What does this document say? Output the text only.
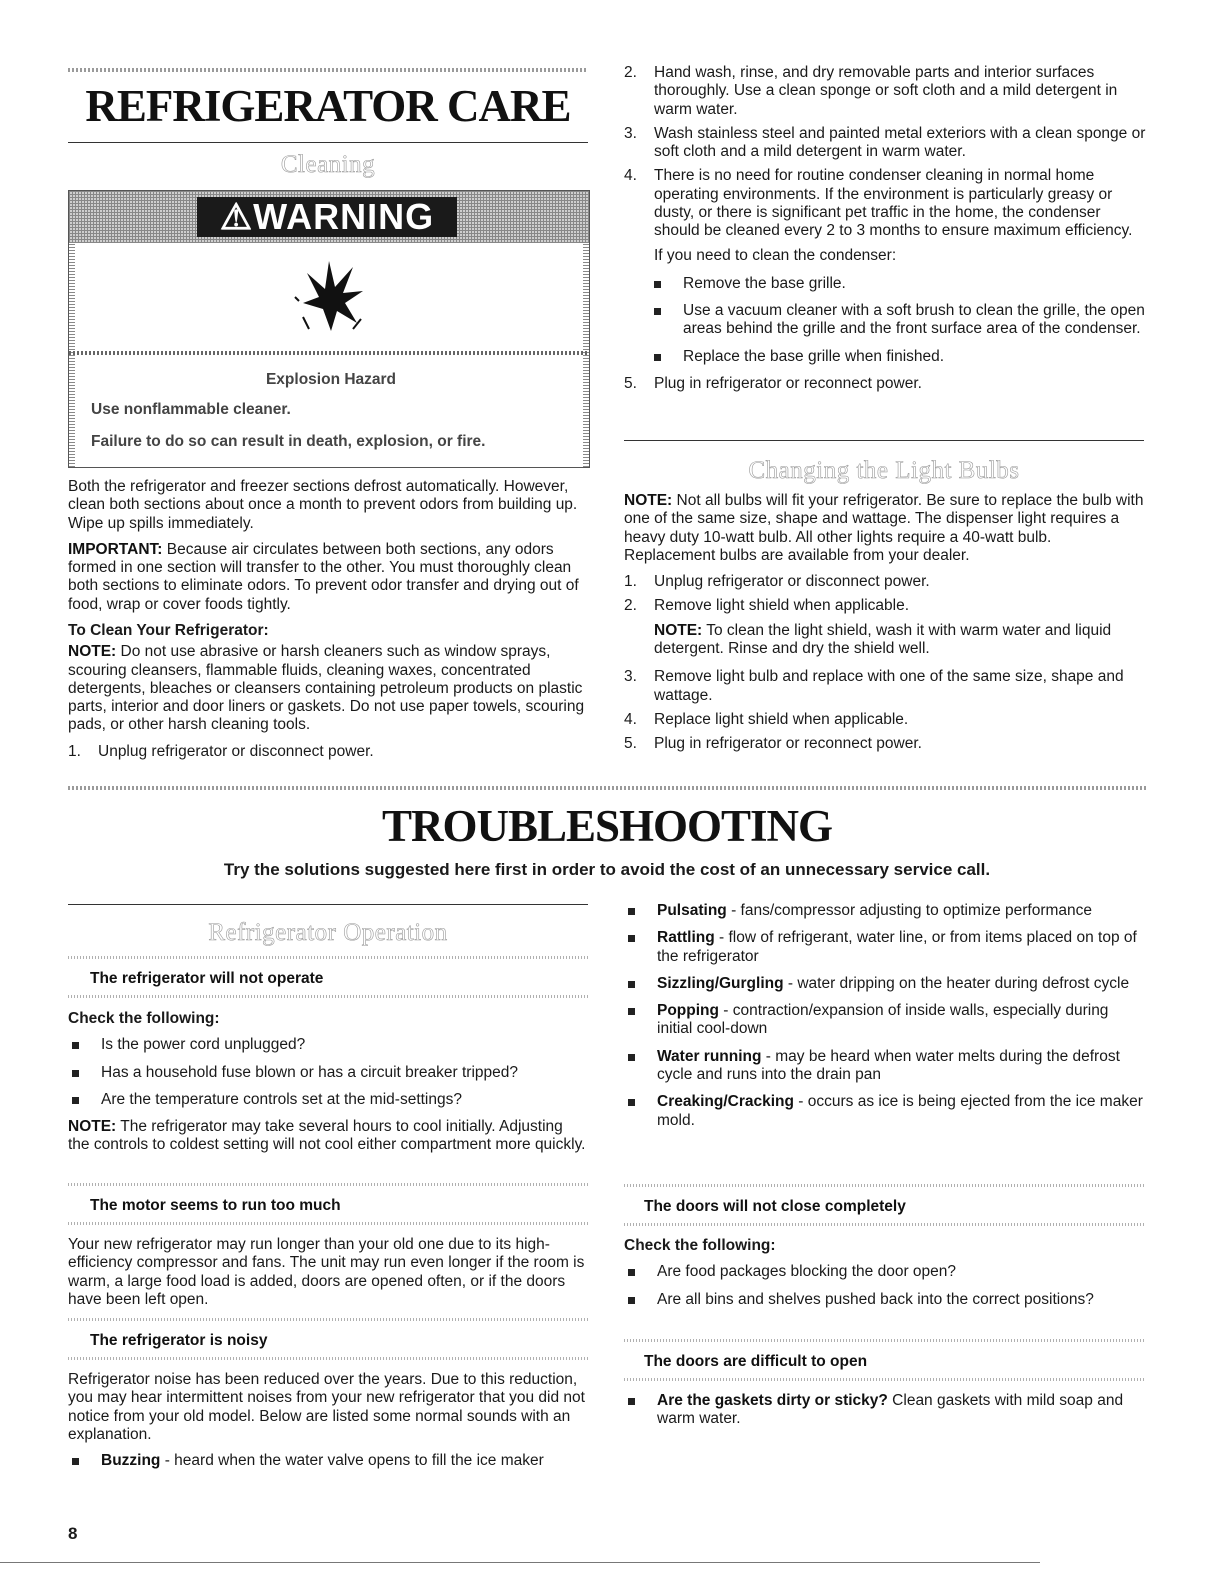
REFRIGERATOR CARE
Cleaning
⚠WARNING
Explosion Hazard
Use nonflammable cleaner.
Failure to do so can result in death, explosion, or fire.

Both the refrigerator and freezer sections defrost automatically. However, clean both sections about once a month to prevent odors from building up. Wipe up spills immediately.

IMPORTANT: Because air circulates between both sections, any odors formed in one section will transfer to the other. You must thoroughly clean both sections to eliminate odors. To prevent odor transfer and drying out of food, wrap or cover foods tightly.

To Clean Your Refrigerator:

NOTE: Do not use abrasive or harsh cleaners such as window sprays, scouring cleansers, flammable fluids, cleaning waxes, concentrated detergents, bleaches or cleansers containing petroleum products on plastic parts, interior and door liners or gaskets. Do not use paper towels, scouring pads, or other harsh cleaning tools.

1.	Unplug refrigerator or disconnect power.
2.	Hand wash, rinse, and dry removable parts and interior surfaces thoroughly. Use a clean sponge or soft cloth and a mild detergent in warm water.
3.	Wash stainless steel and painted metal exteriors with a clean sponge or soft cloth and a mild detergent in warm water.
4.	There is no need for routine condenser cleaning in normal home operating environments. If the environment is particularly greasy or dusty, or there is significant pet traffic in the home, the condenser should be cleaned every 2 to 3 months to ensure maximum efficiency.
If you need to clean the condenser:
Remove the base grille.
Use a vacuum cleaner with a soft brush to clean the grille, the open areas behind the grille and the front surface area of the condenser.
Replace the base grille when finished.
5.	Plug in refrigerator or reconnect power.
Changing the Light Bulbs

NOTE: Not all bulbs will fit your refrigerator. Be sure to replace the bulb with one of the same size, shape and wattage. The dispenser light requires a heavy duty 10-watt bulb. All other lights require a 40-watt bulb. Replacement bulbs are available from your dealer.

1.	Unplug refrigerator or disconnect power.
2.	Remove light shield when applicable.

NOTE: To clean the light shield, wash it with warm water and liquid detergent. Rinse and dry the shield well.

3.	Remove light bulb and replace with one of the same size, shape and wattage.
4.	Replace light shield when applicable.
5.	Plug in refrigerator or reconnect power.
TROUBLESHOOTING
Try the solutions suggested here first in order to avoid the cost of an unnecessary service call.
Refrigerator Operation
The refrigerator will not operate
Check the following:
Is the power cord unplugged?
Has a household fuse blown or has a circuit breaker tripped?
Are the temperature controls set at the mid-settings?

NOTE: The refrigerator may take several hours to cool initially. Adjusting the controls to coldest setting will not cool either compartment more quickly.

The motor seems to run too much
Your new refrigerator may run longer than your old one due to its high-efficiency compressor and fans. The unit may run even longer if the room is warm, a large food load is added, doors are opened often, or if the doors have been left open.
The refrigerator is noisy

Refrigerator noise has been reduced over the years. Due to this reduction, you may hear intermittent noises from your new refrigerator that you did not notice from your old model. Below are listed some normal sounds with an explanation.

Buzzing - heard when the water valve opens to fill the ice maker
Pulsating - fans/compressor adjusting to optimize performance
Rattling - flow of refrigerant, water line, or from items placed on top of the refrigerator
Sizzling/Gurgling - water dripping on the heater during defrost cycle
Popping - contraction/expansion of inside walls, especially during initial cool-down
Water running - may be heard when water melts during the defrost cycle and runs into the drain pan
Creaking/Cracking - occurs as ice is being ejected from the ice maker mold.
The doors will not close completely
Check the following:
Are food packages blocking the door open?
Are all bins and shelves pushed back into the correct positions?
The doors are difficult to open
Are the gaskets dirty or sticky? Clean gaskets with mild soap and warm water.
8
